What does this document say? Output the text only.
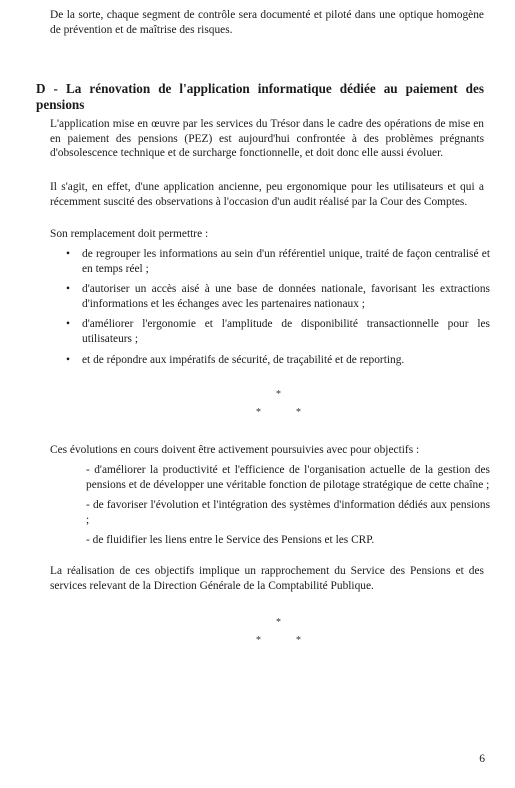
De la sorte, chaque segment de contrôle sera documenté et piloté dans une optique homogène de prévention et de maîtrise des risques.

D - La rénovation de l'application informatique dédiée au paiement des pensions

L'application mise en œuvre par les services du Trésor dans le cadre des opérations de mise en en paiement des pensions (PEZ) est aujourd'hui confrontée à des problèmes prégnants d'obsolescence technique et de surcharge fonctionnelle, et doit donc elle aussi évoluer.

Il s'agit, en effet, d'une application ancienne, peu ergonomique pour les utilisateurs et qui a récemment suscité des observations à l'occasion d'un audit réalisé par la Cour des Comptes.

Son remplacement doit permettre :

• de regrouper les informations au sein d'un référentiel unique, traité de façon centralisé et en temps réel ;
• d'autoriser un accès aisé à une base de données nationale, favorisant les extractions d'informations et les échanges avec les partenaires nationaux ;
• d'améliorer l'ergonomie et l'amplitude de disponibilité transactionnelle pour les utilisateurs ;
• et de répondre aux impératifs de sécurité, de traçabilité et de reporting.
*
*	*

Ces évolutions en cours doivent être activement poursuivies avec pour objectifs :

- d'améliorer la productivité et l'efficience de l'organisation actuelle de la gestion des pensions et de développer une véritable fonction de pilotage stratégique de cette chaîne ;
- de favoriser l'évolution et l'intégration des systèmes d'information dédiés aux pensions ;
- de fluidifier les liens entre le Service des Pensions et les CRP.

La réalisation de ces objectifs implique un rapprochement du Service des Pensions et des services relevant de la Direction Générale de la Comptabilité Publique.

*
*	*
6
